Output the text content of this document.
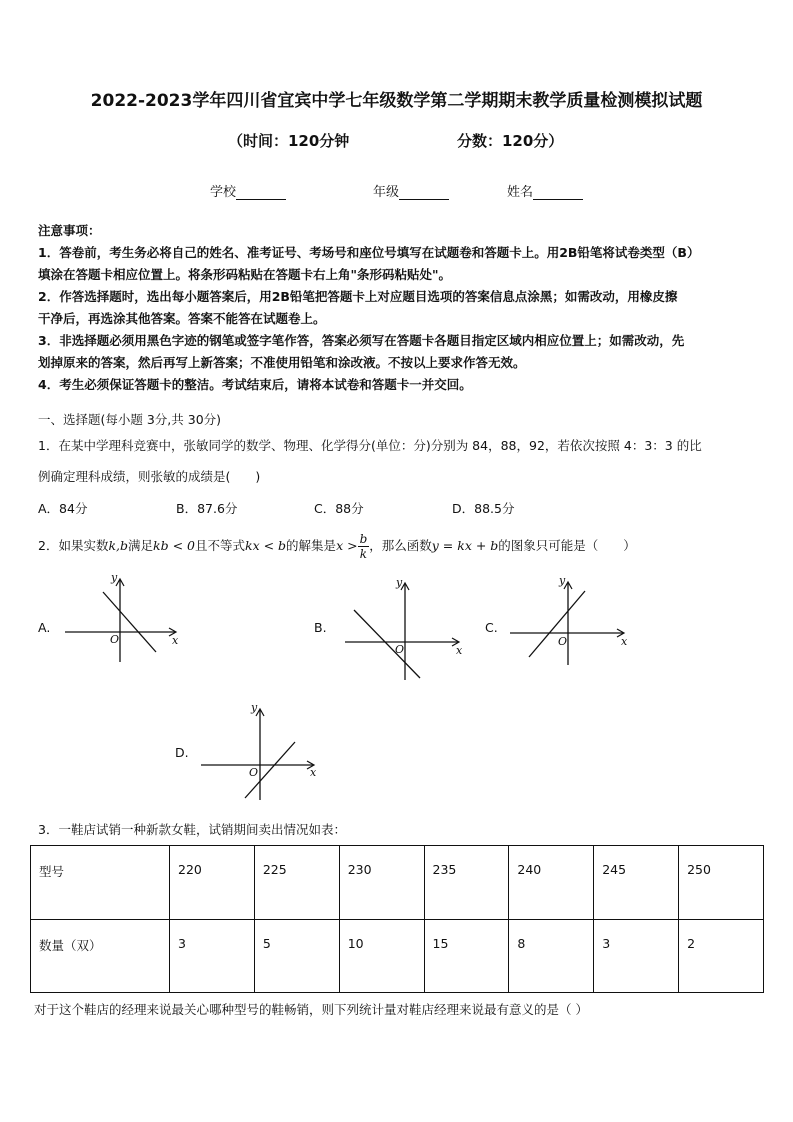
2022-2023学年四川省宜宾中学七年级数学第二学期期末教学质量检测模拟试题
（时间：120分钟	分数：120分）
学校	年级	姓名
注意事项：
1．答卷前，考生务必将自己的姓名、准考证号、考场号和座位号填写在试题卷和答题卡上。用2B铅笔将试卷类型（B）
填涂在答题卡相应位置上。将条形码粘贴在答题卡右上角"条形码粘贴处"。
2．作答选择题时，选出每小题答案后，用2B铅笔把答题卡上对应题目选项的答案信息点涂黑；如需改动，用橡皮擦
干净后，再选涂其他答案。答案不能答在试题卷上。
3．非选择题必须用黑色字迹的钢笔或签字笔作答，答案必须写在答题卡各题目指定区域内相应位置上；如需改动，先
划掉原来的答案，然后再写上新答案；不准使用铅笔和涂改液。不按以上要求作答无效。
4．考生必须保证答题卡的整洁。考试结束后，请将本试卷和答题卡一并交回。
一、选择题(每小题 3分,共 30分)
1．在某中学理科竞赛中，张敏同学的数学、物理、化学得分(单位：分)分别为 84，88，92，若依次按照 4：3：3 的比
例确定理科成绩，则张敏的成绩是(　　)
A．84分	B．87.6分	C．88分	D．88.5分
2．如果实数k,b满足kb < 0且不等式kx < b的解集是$x > \frac{b}{k}$ ，那么函数y = kx + b的图象只可能是（　　）
A.	B.	C.
D.
x
y
O
x
y
O
x
y
O
x
y
O
3．一鞋店试销一种新款女鞋，试销期间卖出情况如表：
型号	220	225	230	235	240	245	250
数量（双）	3	5	10	15	8	3	2
对于这个鞋店的经理来说最关心哪种型号的鞋畅销，则下列统计量对鞋店经理来说最有意义的是（ ）
